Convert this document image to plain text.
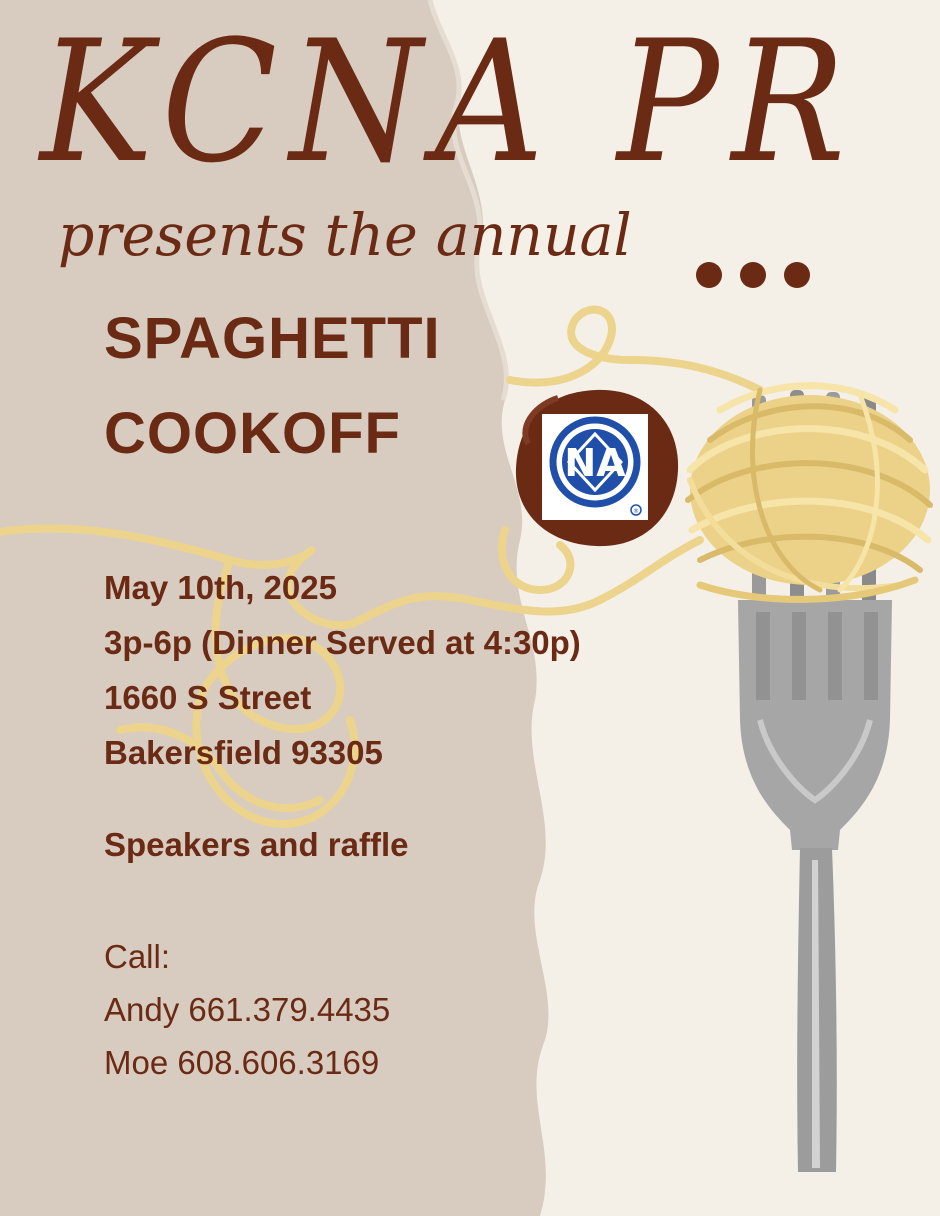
KCNA PR
presents the annual
SPAGHETTI
COOKOFF	NA
®
May 10th, 2025
3p-6p (Dinner Served at 4:30p)
1660 S Street
Bakersfield 93305
Speakers and raffle
Call:
Andy 661.379.4435
Moe 608.606.3169
